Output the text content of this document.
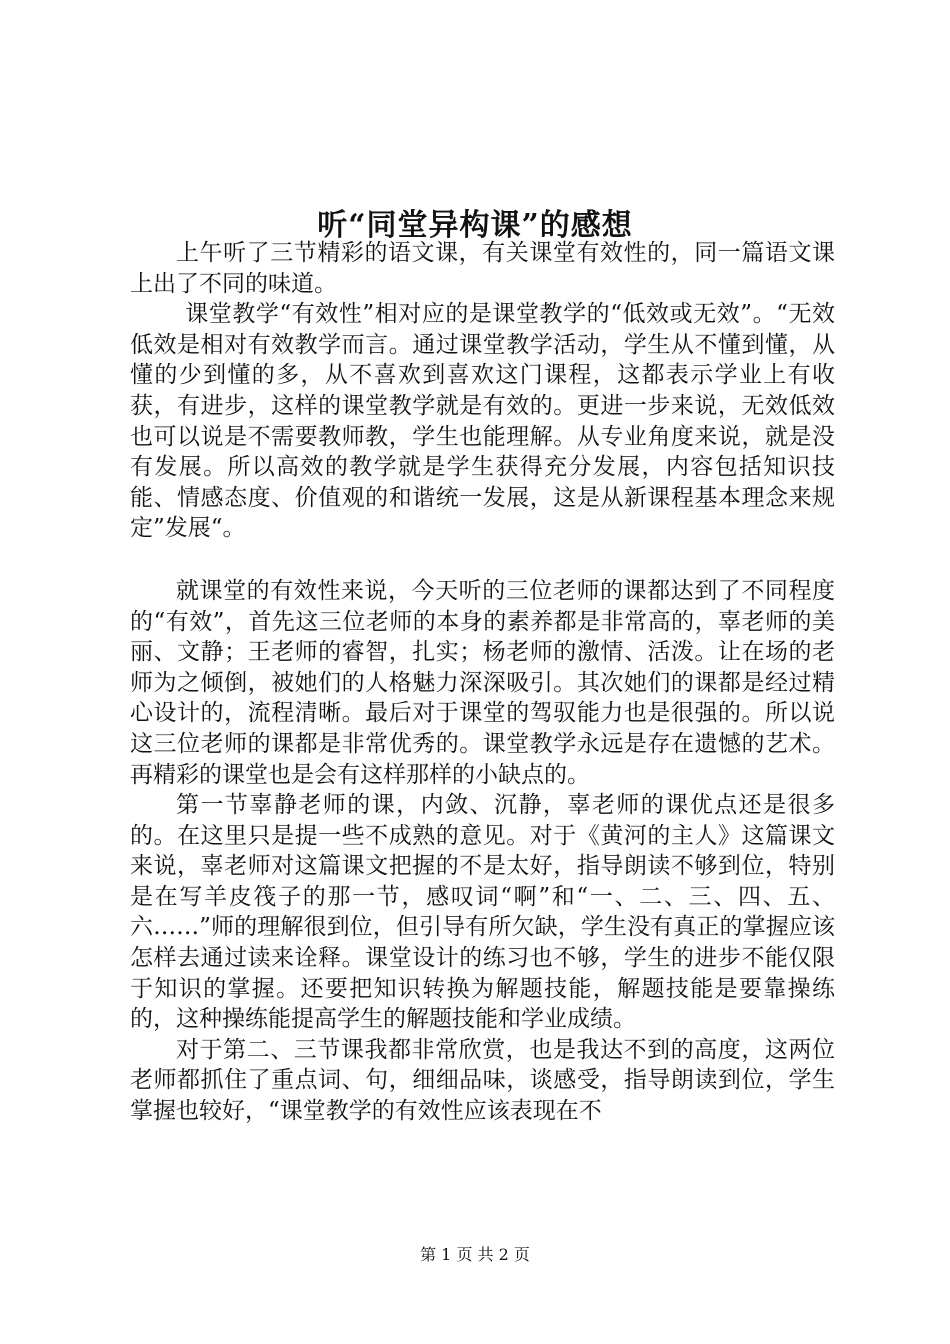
听“同堂异构课”的感想

上午听了三节精彩的语文课，有关课堂有效性的，同一篇语文课上出了不同的味道。

课堂教学“有效性”相对应的是课堂教学的“低效或无效”。“无效低效是相对有效教学而言。通过课堂教学活动，学生从不懂到懂，从懂的少到懂的多，从不喜欢到喜欢这门课程，这都表示学业上有收获，有进步，这样的课堂教学就是有效的。更进一步来说，无效低效也可以说是不需要教师教，学生也能理解。从专业角度来说，就是没有发展。所以高效的教学就是学生获得充分发展，内容包括知识技能、情感态度、价值观的和谐统一发展，这是从新课程基本理念来规定”发展“。

就课堂的有效性来说，今天听的三位老师的课都达到了不同程度的“有效”，首先这三位老师的本身的素养都是非常高的，辜老师的美丽、文静；王老师的睿智，扎实；杨老师的激情、活泼。让在场的老师为之倾倒，被她们的人格魅力深深吸引。其次她们的课都是经过精心设计的，流程清晰。最后对于课堂的驾驭能力也是很强的。所以说这三位老师的课都是非常优秀的。课堂教学永远是存在遗憾的艺术。再精彩的课堂也是会有这样那样的小缺点的。

第一节辜静老师的课，内敛、沉静，辜老师的课优点还是很多的。在这里只是提一些不成熟的意见。对于《黄河的主人》这篇课文来说，辜老师对这篇课文把握的不是太好，指导朗读不够到位，特别是在写羊皮筏子的那一节，感叹词“啊”和“一、二、三、四、五、六……”师的理解很到位，但引导有所欠缺，学生没有真正的掌握应该怎样去通过读来诠释。课堂设计的练习也不够，学生的进步不能仅限于知识的掌握。还要把知识转换为解题技能，解题技能是要靠操练的，这种操练能提高学生的解题技能和学业成绩。

对于第二、三节课我都非常欣赏，也是我达不到的高度，这两位老师都抓住了重点词、句，细细品味，谈感受，指导朗读到位，学生掌握也较好，“课堂教学的有效性应该表现在不

第 1 页 共 2 页
